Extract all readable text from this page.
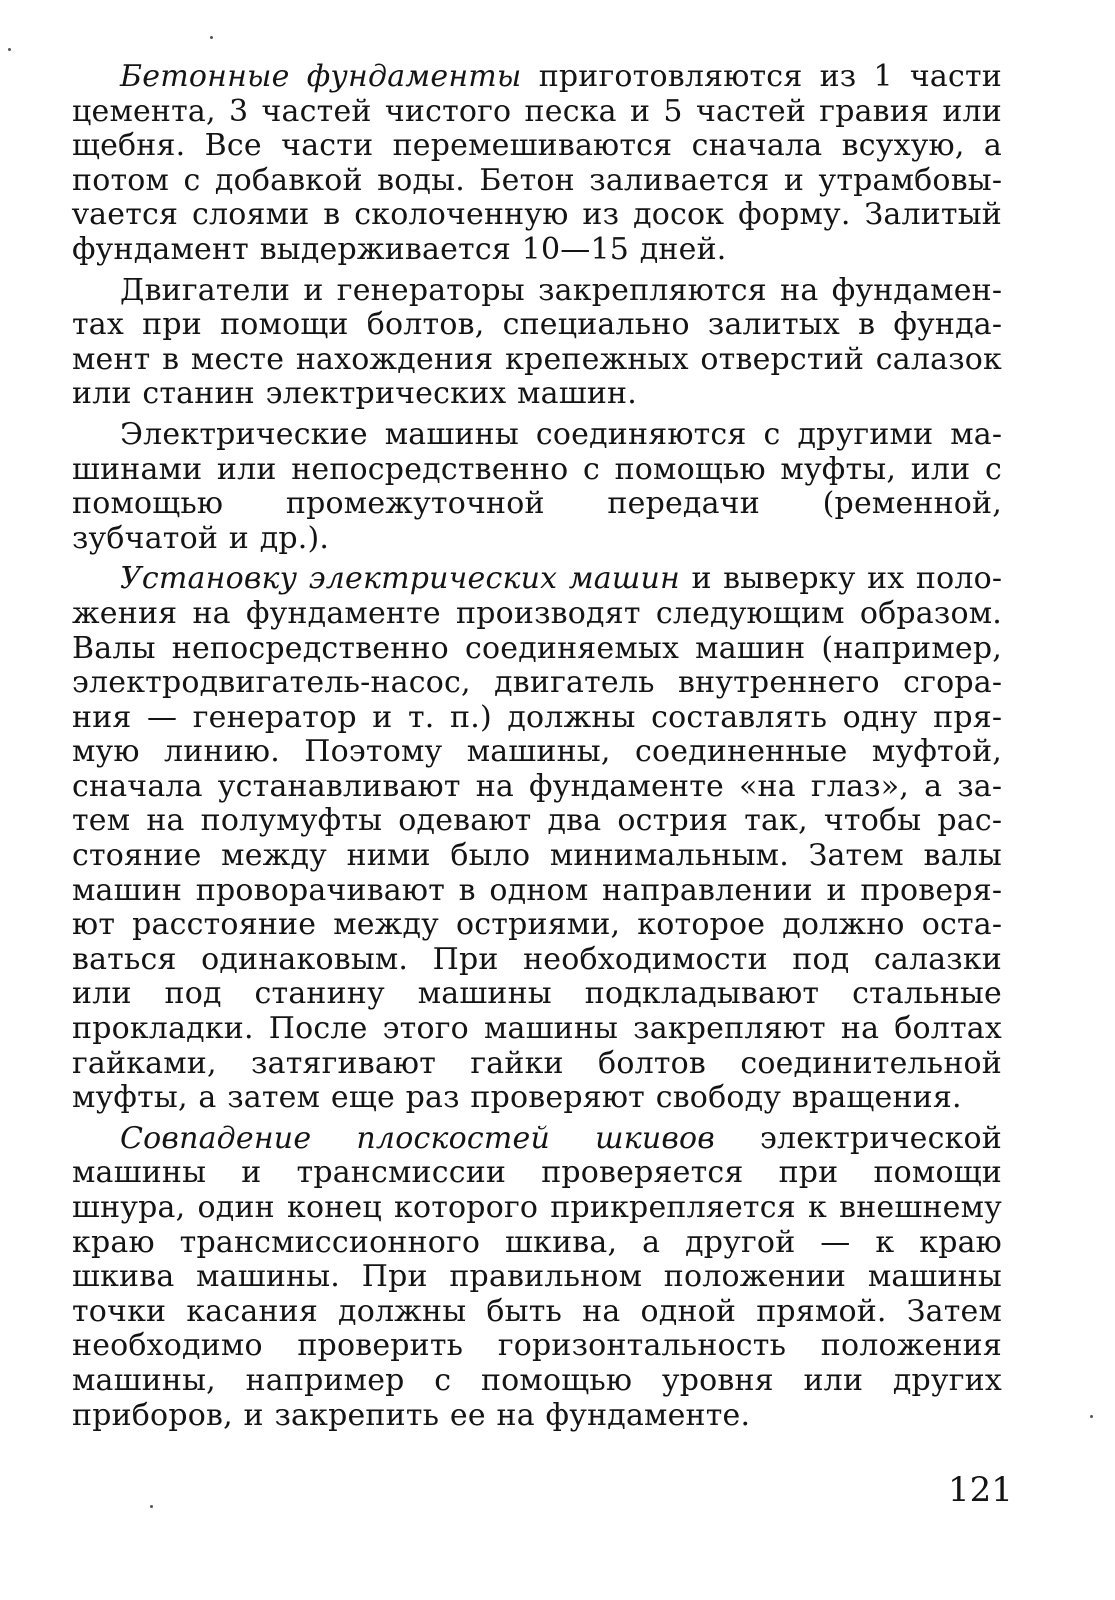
Бетонные фундаменты приготовляются из 1 части цемента, 3 частей чистого песка и 5 частей гравия или щебня. Все части перемешиваются сначала всухую, а потом с добавкой воды. Бетон заливается и утрамбовыvается слоями в сколоченную из досок форму. Залитый фундамент выдерживается 10—15 дней.

Двигатели и генераторы закрепляются на фундаментах при помощи болтов, специально залитых в фундамент в месте нахождения крепежных отверстий салазок или станин электрических машин.

Электрические машины соединяются с другими машинами или непосредственно с помощью муфты, или с помощью промежуточной передачи (ременной, зубчатой и др.).

Установку электрических машин и выверку их положения на фундаменте производят следующим образом. Валы непосредственно соединяемых машин (например, электродвигатель-насос, двигатель внутреннего сгорания — генератор и т. п.) должны составлять одну прямую линию. Поэтому машины, соединенные муфтой, сначала устанавливают на фундаменте «на глаз», а затем на полумуфты одевают два острия так, чтобы расстояние между ними было минимальным. Затем валы машин проворачивают в одном направлении и проверяют расстояние между остриями, которое должно оставаться одинаковым. При необходимости под салазки или под станину машины подкладывают стальные прокладки. После этого машины закрепляют на болтах гайками, затягивают гайки болтов соединительной муфты, а затем еще раз проверяют свободу вращения.

Совпадение плоскостей шкивов электрической машины и трансмиссии проверяется при помощи шнура, один конец которого прикрепляется к внешнему краю трансмиссионного шкива, а другой — к краю шкива машины. При правильном положении машины точки касания должны быть на одной прямой. Затем необходимо проверить горизонтальность положения машины, например с помощью уровня или других приборов, и закрепить ее на фундаменте.

121
